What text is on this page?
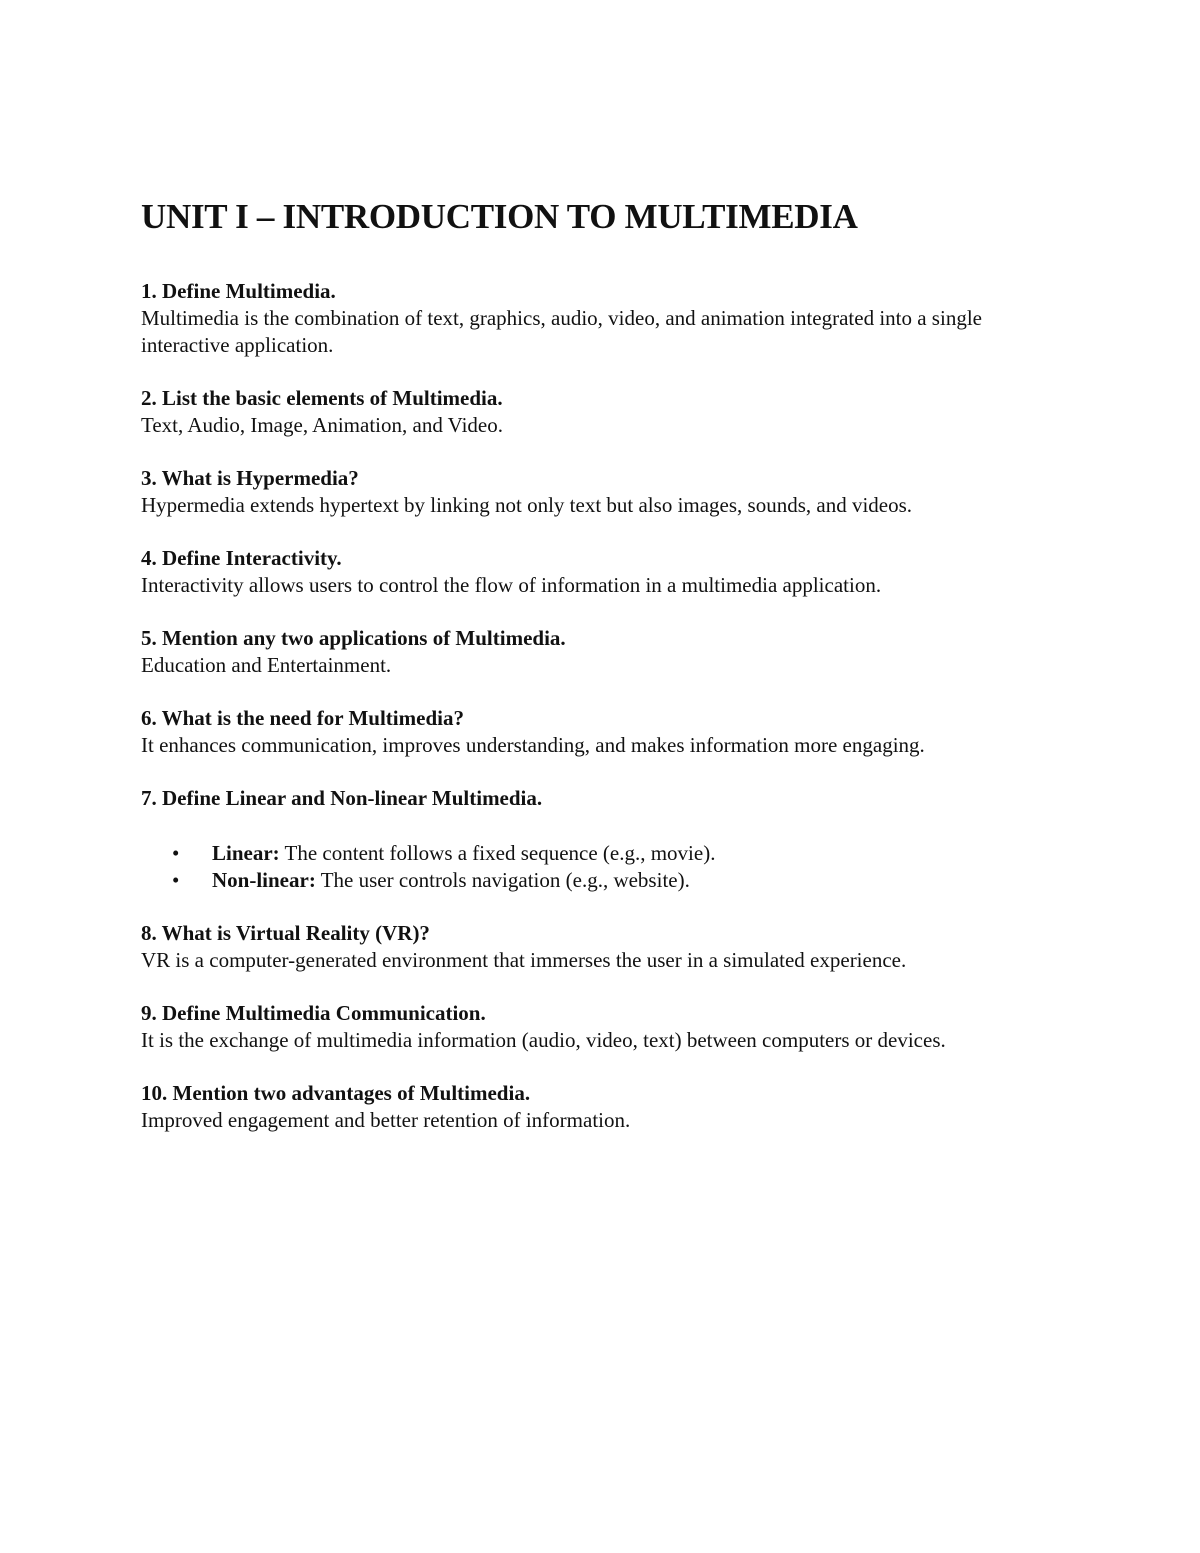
UNIT I – INTRODUCTION TO MULTIMEDIA

1. Define Multimedia.

Multimedia is the combination of text, graphics, audio, video, and animation integrated into a single interactive application.

2. List the basic elements of Multimedia.

Text, Audio, Image, Animation, and Video.

3. What is Hypermedia?

Hypermedia extends hypertext by linking not only text but also images, sounds, and videos.

4. Define Interactivity.

Interactivity allows users to control the flow of information in a multimedia application.

5. Mention any two applications of Multimedia.

Education and Entertainment.

6. What is the need for Multimedia?

It enhances communication, improves understanding, and makes information more engaging.

7. Define Linear and Non-linear Multimedia.

• Linear: The content follows a fixed sequence (e.g., movie).
• Non-linear: The user controls navigation (e.g., website).

8. What is Virtual Reality (VR)?

VR is a computer-generated environment that immerses the user in a simulated experience.

9. Define Multimedia Communication.

It is the exchange of multimedia information (audio, video, text) between computers or devices.

10. Mention two advantages of Multimedia.

Improved engagement and better retention of information.
